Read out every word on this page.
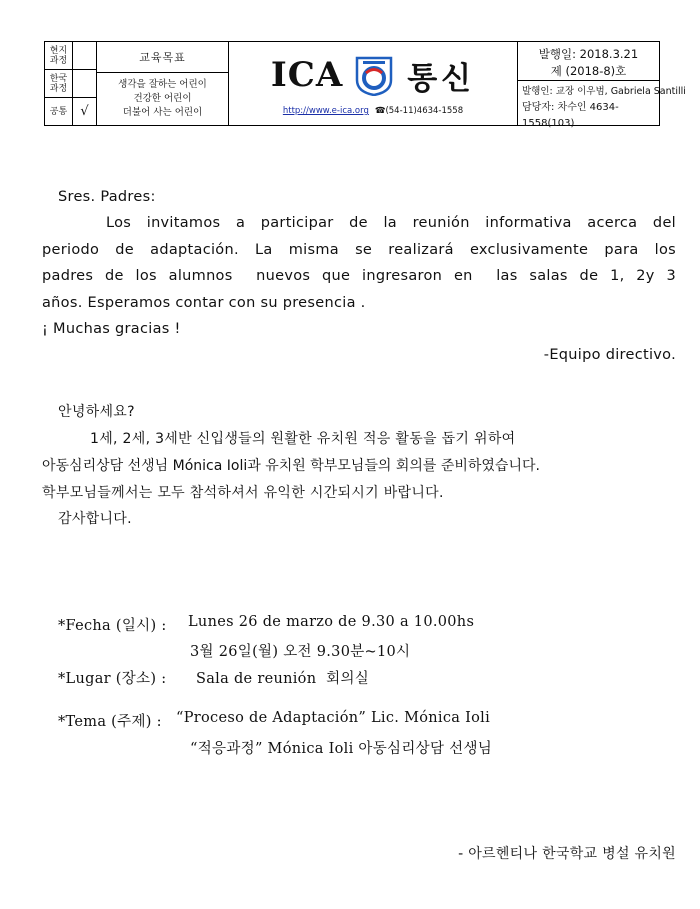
현지
과정
한국
과정
공통	√
교육목표
생각을 잘하는 어린이
건강한 어린이
더불어 사는 어린이
ICA 통신
http://www.e-ica.org ☎(54-11)4634-1558
발행일: 2018.3.21
제 (2018-8)호
발행인: 교장 이우범, Gabriela Santilli
담당자: 차수인 4634-1558(103)
Sres. Padres:
Los invitamos a participar de la reunión informativa acerca del
periodo de adaptación. La misma se realizará exclusivamente para los
padres de los alumnos  nuevos que ingresaron en  las salas de 1, 2y 3
años. Esperamos contar con su presencia .
¡ Muchas gracias !
-Equipo directivo.
안녕하세요?
1세, 2세, 3세반 신입생들의 원활한 유치원 적응 활동을 돕기 위하여
아동심리상담 선생님 Mónica Ioli과 유치원 학부모님들의 회의를 준비하였습니다.
학부모님들께서는 모두 참석하셔서 유익한 시간되시기 바랍니다.
감사합니다.
*Fecha (일시) : Lunes 26 de marzo de 9.30 a 10.00hs
3월 26일(월) 오전 9.30분~10시
*Lugar (장소) : Sala de reunión  회의실
*Tema (주제) : “Proceso de Adaptación” Lic. Mónica Ioli
“적응과정” Mónica Ioli 아동심리상담 선생님
- 아르헨티나 한국학교 병설 유치원
